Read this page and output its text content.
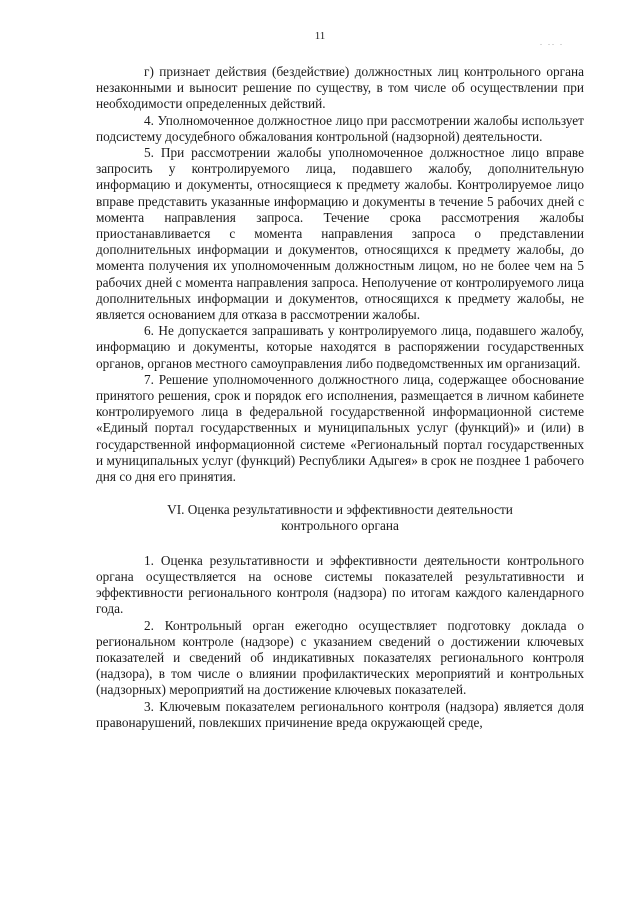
11
. .. .

г) признает действия (бездействие) должностных лиц контрольного органа незаконными и выносит решение по существу, в том числе об осуществлении при необходимости определенных действий.

4. Уполномоченное должностное лицо при рассмотрении жалобы использует подсистему досудебного обжалования контрольной (надзорной) деятельности.

5. При рассмотрении жалобы уполномоченное должностное лицо вправе запросить у контролируемого лица, подавшего жалобу, дополнительную информацию и документы, относящиеся к предмету жалобы. Контролируемое лицо вправе представить указанные информацию и документы в течение 5 рабочих дней с момента направления запроса. Течение срока рассмотрения жалобы приостанавливается с момента направления запроса о представлении дополнительных информации и документов, относящихся к предмету жалобы, до момента получения их уполномоченным должностным лицом, но не более чем на 5 рабочих дней с момента направления запроса. Неполучение от контролируемого лица дополнительных информации и документов, относящихся к предмету жалобы, не является основанием для отказа в рассмотрении жалобы.

6. Не допускается запрашивать у контролируемого лица, подавшего жалобу, информацию и документы, которые находятся в распоряжении государственных органов, органов местного самоуправления либо подведомственных им организаций.

7. Решение уполномоченного должностного лица, содержащее обоснование принятого решения, срок и порядок его исполнения, размещается в личном кабинете контролируемого лица в федеральной государственной информационной системе «Единый портал государственных и муниципальных услуг (функций)» и (или) в государственной информационной системе «Региональный портал государственных и муниципальных услуг (функций) Республики Адыгея» в срок не позднее 1 рабочего дня со дня его принятия.

VI. Оценка результативности и эффективности деятельности

контрольного органа

1. Оценка результативности и эффективности деятельности контрольного органа осуществляется на основе системы показателей результативности и эффективности регионального контроля (надзора) по итогам каждого календарного года.

2. Контрольный орган ежегодно осуществляет подготовку доклада о региональном контроле (надзоре) с указанием сведений о достижении ключевых показателей и сведений об индикативных показателях регионального контроля (надзора), в том числе о влиянии профилактических мероприятий и контрольных (надзорных) мероприятий на достижение ключевых показателей.

3. Ключевым показателем регионального контроля (надзора) является доля правонарушений, повлекших причинение вреда окружающей среде,
